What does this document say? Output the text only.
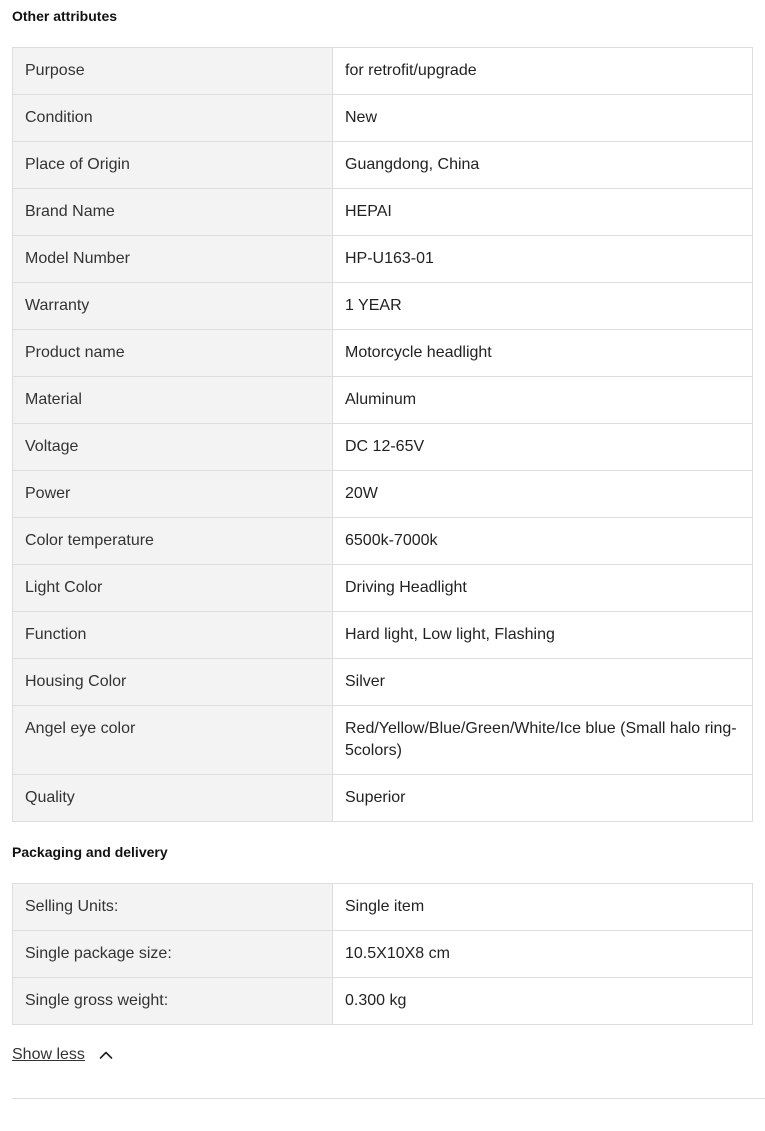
Other attributes
Purpose	for retrofit/upgrade
Condition	New
Place of Origin	Guangdong, China
Brand Name	HEPAI
Model Number	HP-U163-01
Warranty	1 YEAR
Product name	Motorcycle headlight
Material	Aluminum
Voltage	DC 12-65V
Power	20W
Color temperature	6500k-7000k
Light Color	Driving Headlight
Function	Hard light, Low light, Flashing
Housing Color	Silver
Angel eye color	Red/Yellow/Blue/Green/White/Ice blue (Small halo ring-5colors)
Quality	Superior
Packaging and delivery
Selling Units:	Single item
Single package size:	10.5X10X8 cm
Single gross weight:	0.300 kg
Show less
